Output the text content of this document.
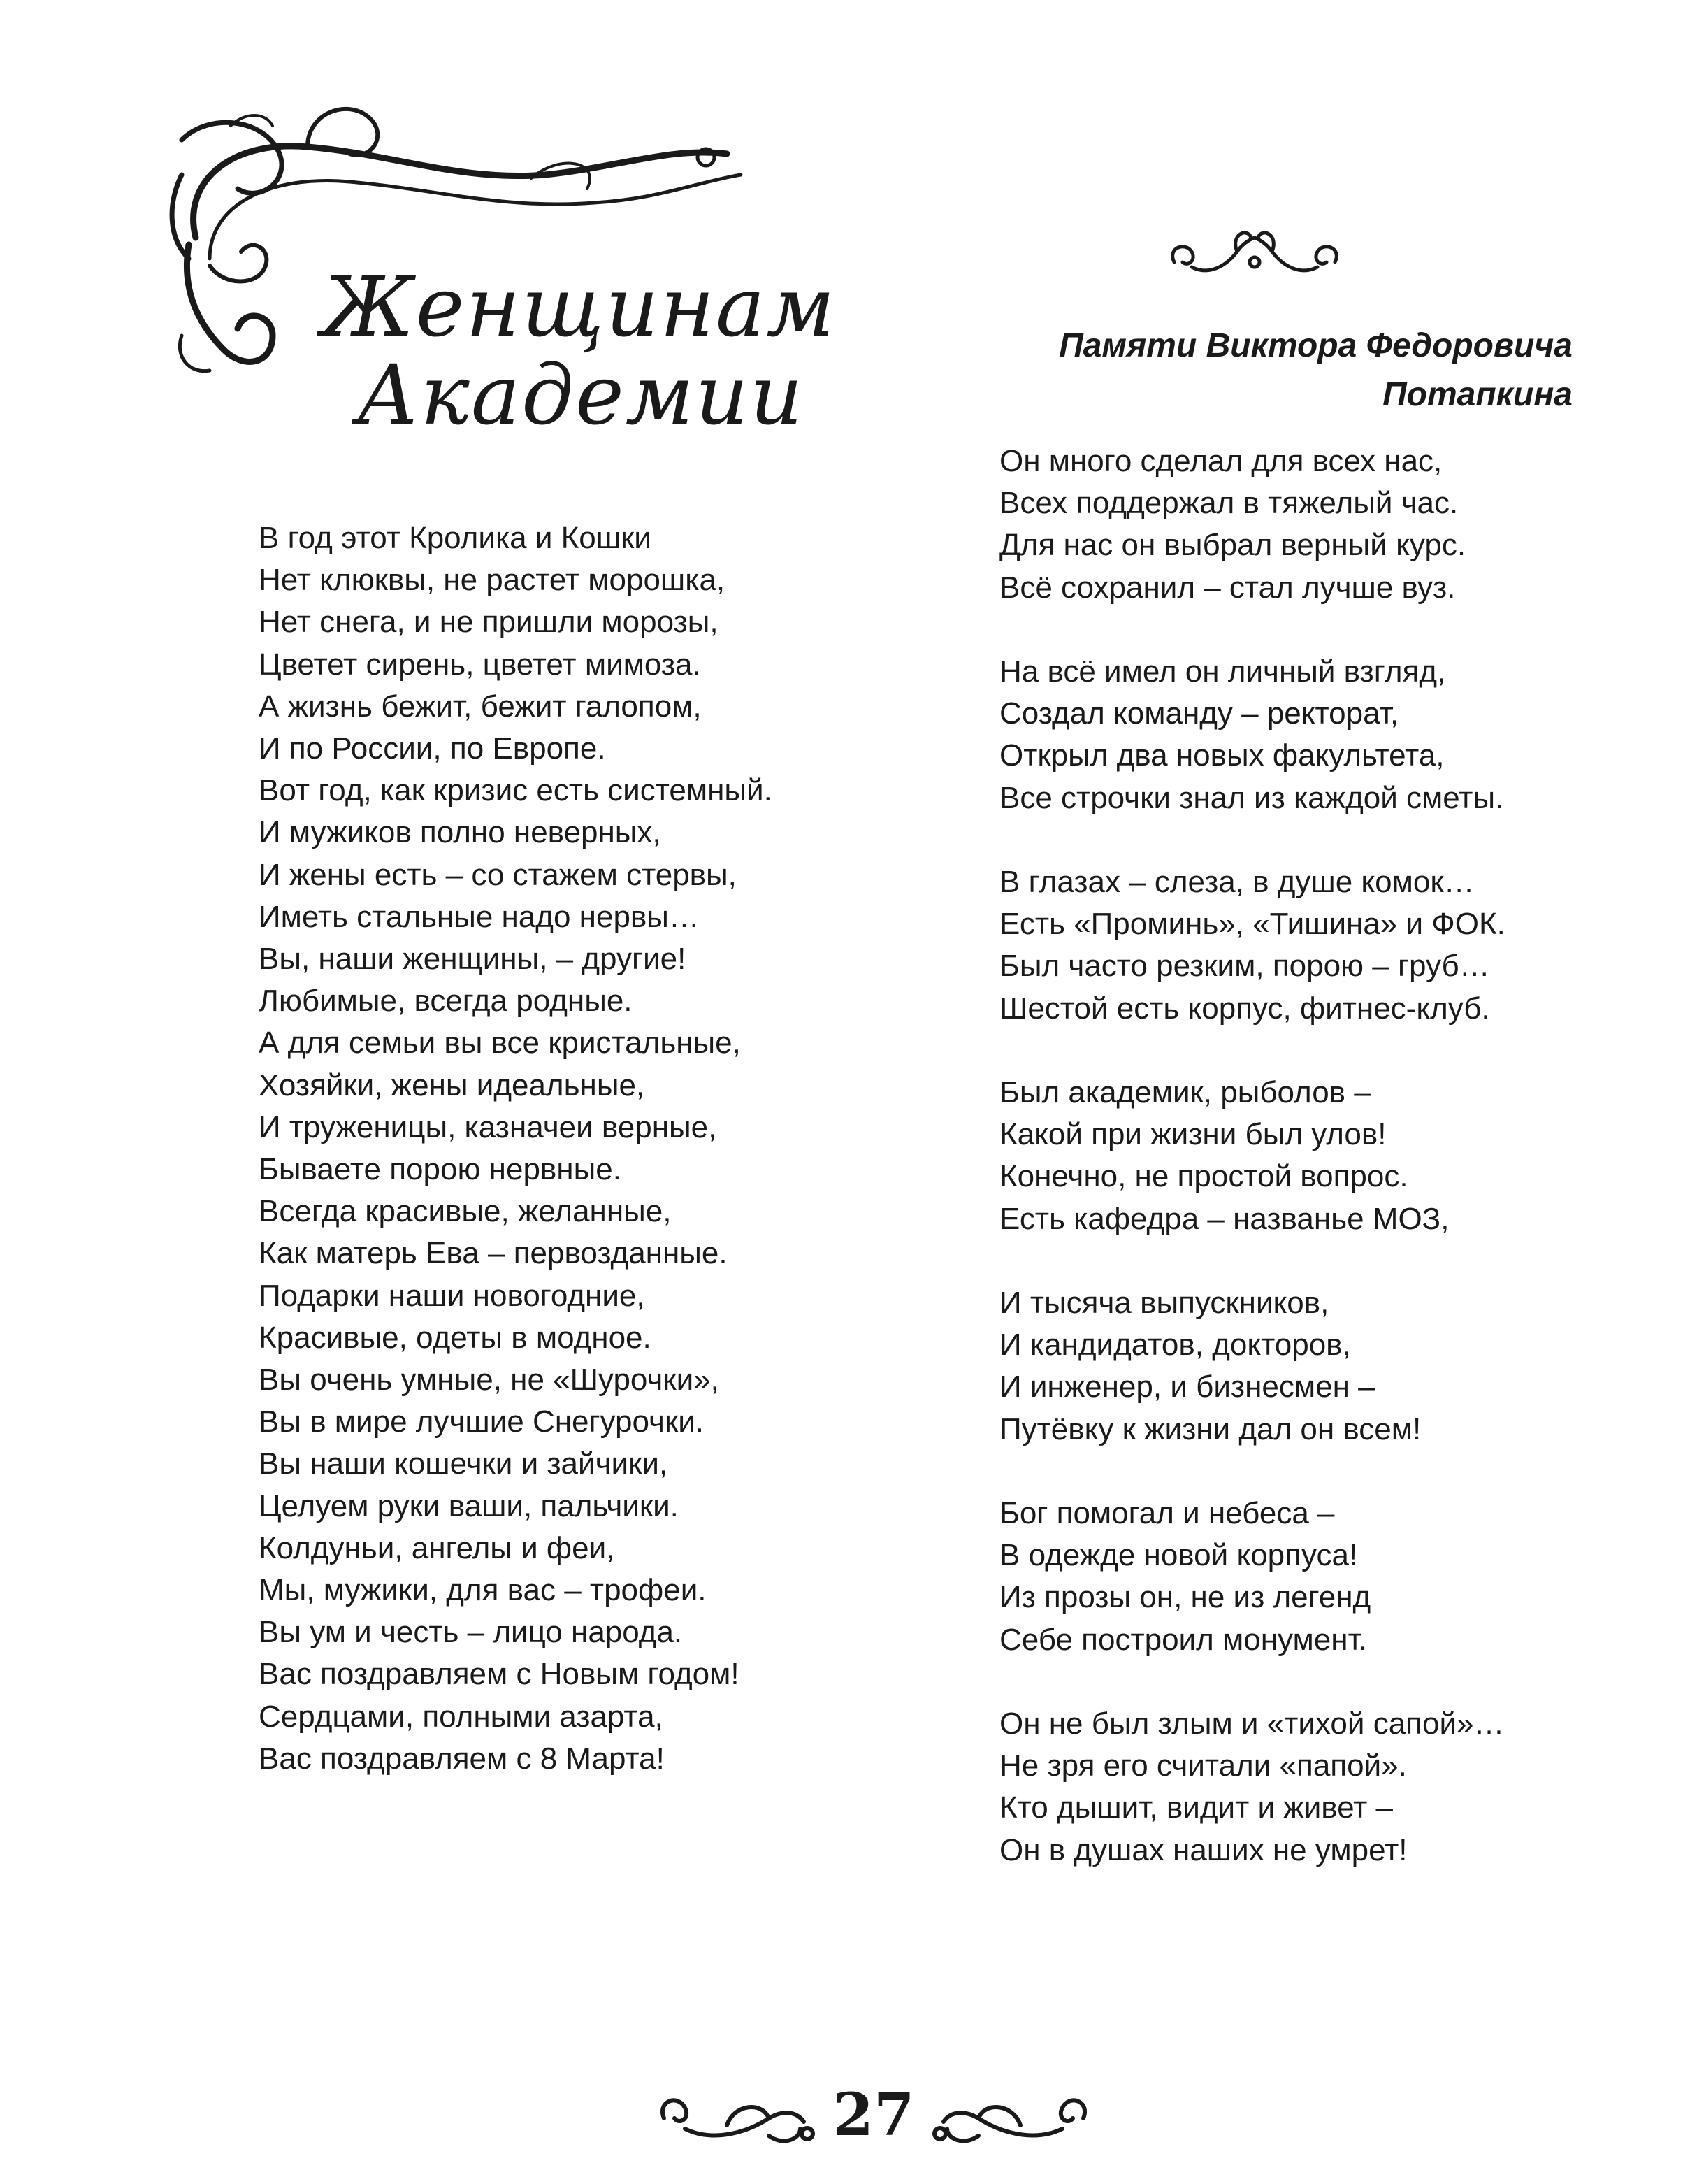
Женщинам
Академии
В год этот Кролика и Кошки
Нет клюквы, не растет морошка,
Нет снега, и не пришли морозы,
Цветет сирень, цветет мимоза.
А жизнь бежит, бежит галопом,
И по России, по Европе.
Вот год, как кризис есть системный.
И мужиков полно неверных,
И жены есть – со стажем стервы,
Иметь стальные надо нервы…
Вы, наши женщины, – другие!
Любимые, всегда родные.
А для семьи вы все кристальные,
Хозяйки, жены идеальные,
И труженицы, казначеи верные,
Бываете порою нервные.
Всегда красивые, желанные,
Как матерь Ева – первозданные.
Подарки наши новогодние,
Красивые, одеты в модное.
Вы очень умные, не «Шурочки»,
Вы в мире лучшие Снегурочки.
Вы наши кошечки и зайчики,
Целуем руки ваши, пальчики.
Колдуньи, ангелы и феи,
Мы, мужики, для вас – трофеи.
Вы ум и честь – лицо народа.
Вас поздравляем с Новым годом!
Сердцами, полными азарта,
Вас поздравляем с 8 Марта!
Памяти Виктора Федоровича
Потапкина
Он много сделал для всех нас,
Всех поддержал в тяжелый час.
Для нас он выбрал верный курс.
Всё сохранил – стал лучше вуз.
На всё имел он личный взгляд,
Создал команду – ректорат,
Открыл два новых факультета,
Все строчки знал из каждой сметы.
В глазах – слеза, в душе комок…
Есть «Проминь», «Тишина» и ФОК.
Был часто резким, порою – груб…
Шестой есть корпус, фитнес-клуб.
Был академик, рыболов –
Какой при жизни был улов!
Конечно, не простой вопрос.
Есть кафедра – названье МОЗ,
И тысяча выпускников,
И кандидатов, докторов,
И инженер, и бизнесмен –
Путёвку к жизни дал он всем!
Бог помогал и небеса –
В одежде новой корпуса!
Из прозы он, не из легенд
Себе построил монумент.
Он не был злым и «тихой сапой»…
Не зря его считали «папой».
Кто дышит, видит и живет –
Он в душах наших не умрет!
27
